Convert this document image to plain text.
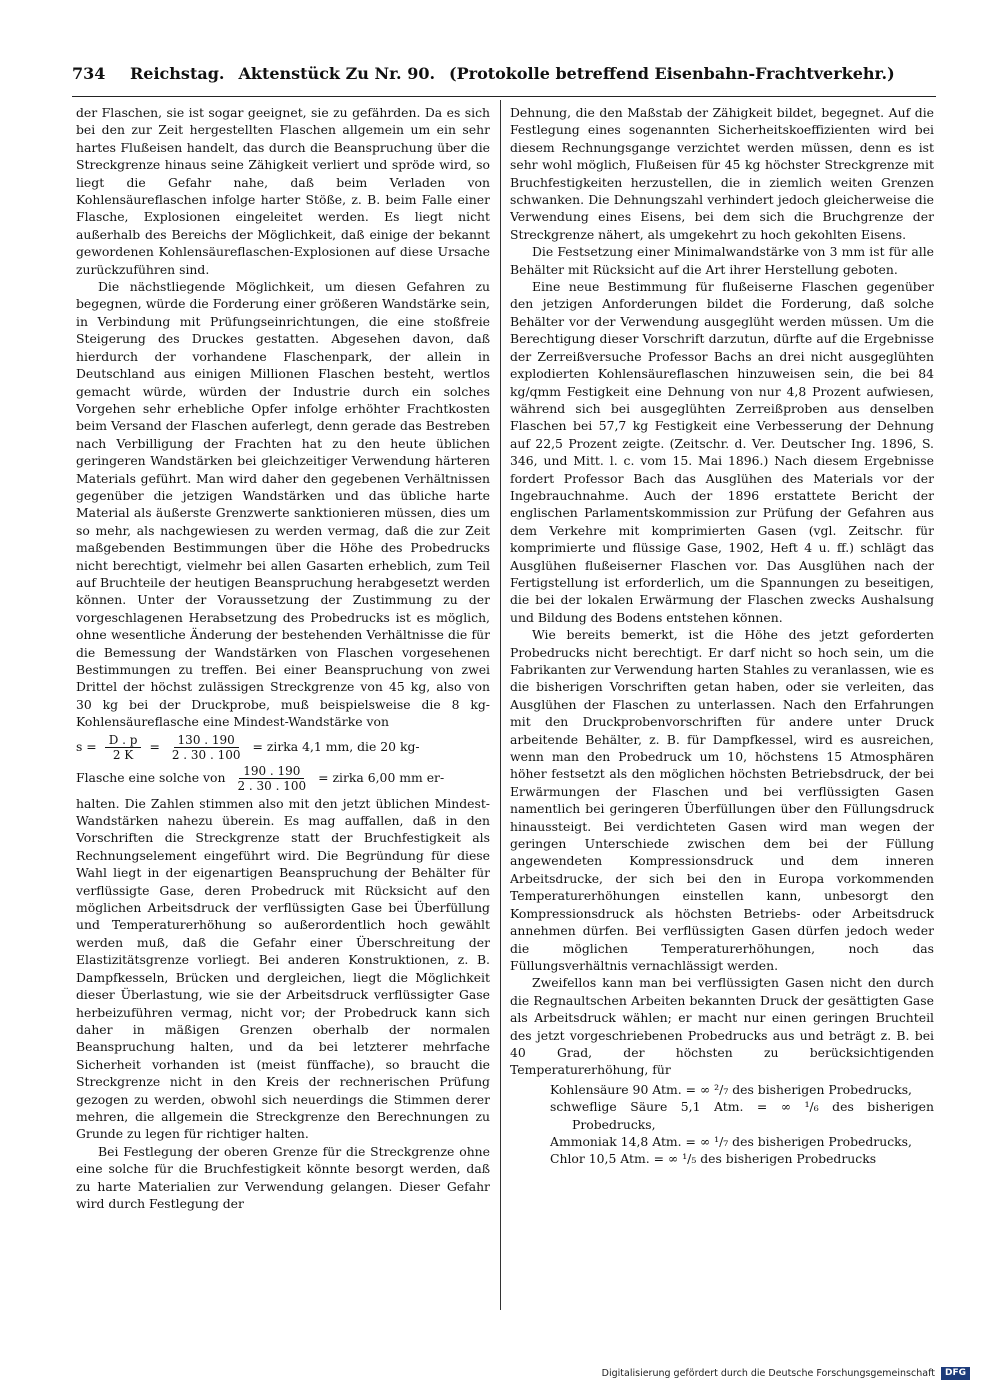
734	Reichstag. Aktenstück Zu Nr. 90. (Protokolle betreffend Eisenbahn-Frachtverkehr.)

der Flaschen, sie ist sogar geeignet, sie zu gefährden. Da es sich bei den zur Zeit hergestellten Flaschen allgemein um ein sehr hartes Flußeisen handelt, das durch die Beanspruchung über die Streckgrenze hinaus seine Zähigkeit verliert und spröde wird, so liegt die Gefahr nahe, daß beim Verladen von Kohlensäureflaschen infolge harter Stöße, z. B. beim Falle einer Flasche, Explosionen eingeleitet werden. Es liegt nicht außerhalb des Bereichs der Möglichkeit, daß einige der bekannt gewordenen Kohlensäureflaschen-Explosionen auf diese Ursache zurückzuführen sind.

Die nächstliegende Möglichkeit, um diesen Gefahren zu begegnen, würde die Forderung einer größeren Wandstärke sein, in Verbindung mit Prüfungseinrichtungen, die eine stoßfreie Steigerung des Druckes gestatten. Abgesehen davon, daß hierdurch der vorhandene Flaschenpark, der allein in Deutschland aus einigen Millionen Flaschen besteht, wertlos gemacht würde, würden der Industrie durch ein solches Vorgehen sehr erhebliche Opfer infolge erhöhter Frachtkosten beim Versand der Flaschen auferlegt, denn gerade das Bestreben nach Verbilligung der Frachten hat zu den heute üblichen geringeren Wandstärken bei gleichzeitiger Verwendung härteren Materials geführt. Man wird daher den gegebenen Verhältnissen gegenüber die jetzigen Wandstärken und das übliche harte Material als äußerste Grenzwerte sanktionieren müssen, dies um so mehr, als nachgewiesen zu werden vermag, daß die zur Zeit maßgebenden Bestimmungen über die Höhe des Probedrucks nicht berechtigt, vielmehr bei allen Gasarten erheblich, zum Teil auf Bruchteile der heutigen Beanspruchung herabgesetzt werden können. Unter der Voraussetzung der Zustimmung zu der vorgeschlagenen Herabsetzung des Probedrucks ist es möglich, ohne wesentliche Änderung der bestehenden Verhältnisse die für die Bemessung der Wandstärken von Flaschen vorgesehenen Bestimmungen zu treffen. Bei einer Beanspruchung von zwei Drittel der höchst zulässigen Streckgrenze von 45 kg, also von 30 kg bei der Druckprobe, muß beispielsweise die 8 kg-Kohlensäureflasche eine Mindest-Wandstärke von

$s = \frac{D . p}{2 K} = \frac{130 . 190}{2 . 30 . 100}$ = zirka 4,1 mm, die 20 kg-
Flasche eine solche von $\frac{190 . 190}{2 . 30 . 100}$ = zirka 6,00 mm er-

halten. Die Zahlen stimmen also mit den jetzt üblichen Mindest-Wandstärken nahezu überein. Es mag auffallen, daß in den Vorschriften die Streckgrenze statt der Bruchfestigkeit als Rechnungselement eingeführt wird. Die Begründung für diese Wahl liegt in der eigenartigen Beanspruchung der Behälter für verflüssigte Gase, deren Probedruck mit Rücksicht auf den möglichen Arbeitsdruck der verflüssigten Gase bei Überfüllung und Temperaturerhöhung so außerordentlich hoch gewählt werden muß, daß die Gefahr einer Überschreitung der Elastizitätsgrenze vorliegt. Bei anderen Konstruktionen, z. B. Dampfkesseln, Brücken und dergleichen, liegt die Möglichkeit dieser Überlastung, wie sie der Arbeitsdruck verflüssigter Gase herbeizuführen vermag, nicht vor; der Probedruck kann sich daher in mäßigen Grenzen oberhalb der normalen Beanspruchung halten, und da bei letzterer mehrfache Sicherheit vorhanden ist (meist fünffache), so braucht die Streckgrenze nicht in den Kreis der rechnerischen Prüfung gezogen zu werden, obwohl sich neuerdings die Stimmen derer mehren, die allgemein die Streckgrenze den Berechnungen zu Grunde zu legen für richtiger halten.

Bei Festlegung der oberen Grenze für die Streckgrenze ohne eine solche für die Bruchfestigkeit könnte besorgt werden, daß zu harte Materialien zur Verwendung gelangen. Dieser Gefahr wird durch Festlegung der

Dehnung, die den Maßstab der Zähigkeit bildet, begegnet. Auf die Festlegung eines sogenannten Sicherheitskoeffizienten wird bei diesem Rechnungsgange verzichtet werden müssen, denn es ist sehr wohl möglich, Flußeisen für 45 kg höchster Streckgrenze mit Bruchfestigkeiten herzustellen, die in ziemlich weiten Grenzen schwanken. Die Dehnungszahl verhindert jedoch gleicherweise die Verwendung eines Eisens, bei dem sich die Bruchgrenze der Streckgrenze nähert, als umgekehrt zu hoch gekohlten Eisens.

Die Festsetzung einer Minimalwandstärke von 3 mm ist für alle Behälter mit Rücksicht auf die Art ihrer Herstellung geboten.

Eine neue Bestimmung für flußeiserne Flaschen gegenüber den jetzigen Anforderungen bildet die Forderung, daß solche Behälter vor der Verwendung ausgeglüht werden müssen. Um die Berechtigung dieser Vorschrift darzutun, dürfte auf die Ergebnisse der Zerreißversuche Professor Bachs an drei nicht ausgeglühten explodierten Kohlensäureflaschen hinzuweisen sein, die bei 84 kg/qmm Festigkeit eine Dehnung von nur 4,8 Prozent aufwiesen, während sich bei ausgeglühten Zerreißproben aus denselben Flaschen bei 57,7 kg Festigkeit eine Verbesserung der Dehnung auf 22,5 Prozent zeigte. (Zeitschr. d. Ver. Deutscher Ing. 1896, S. 346, und Mitt. l. c. vom 15. Mai 1896.) Nach diesem Ergebnisse fordert Professor Bach das Ausglühen des Materials vor der Ingebrauchnahme. Auch der 1896 erstattete Bericht der englischen Parlamentskommission zur Prüfung der Gefahren aus dem Verkehre mit komprimierten Gasen (vgl. Zeitschr. für komprimierte und flüssige Gase, 1902, Heft 4 u. ff.) schlägt das Ausglühen flußeiserner Flaschen vor. Das Ausglühen nach der Fertigstellung ist erforderlich, um die Spannungen zu beseitigen, die bei der lokalen Erwärmung der Flaschen zwecks Aushalsung und Bildung des Bodens entstehen können.

Wie bereits bemerkt, ist die Höhe des jetzt geforderten Probedrucks nicht berechtigt. Er darf nicht so hoch sein, um die Fabrikanten zur Verwendung harten Stahles zu veranlassen, wie es die bisherigen Vorschriften getan haben, oder sie verleiten, das Ausglühen der Flaschen zu unterlassen. Nach den Erfahrungen mit den Druckprobenvorschriften für andere unter Druck arbeitende Behälter, z. B. für Dampfkessel, wird es ausreichen, wenn man den Probedruck um 10, höchstens 15 Atmosphären höher festsetzt als den möglichen höchsten Betriebsdruck, der bei Erwärmungen der Flaschen und bei verflüssigten Gasen namentlich bei geringeren Überfüllungen über den Füllungsdruck hinaussteigt. Bei verdichteten Gasen wird man wegen der geringen Unterschiede zwischen dem bei der Füllung angewendeten Kompressionsdruck und dem inneren Arbeitsdrucke, der sich bei den in Europa vorkommenden Temperaturerhöhungen einstellen kann, unbesorgt den Kompressionsdruck als höchsten Betriebs- oder Arbeitsdruck annehmen dürfen. Bei verflüssigten Gasen dürfen jedoch weder die möglichen Temperaturerhöhungen, noch das Füllungsverhältnis vernachlässigt werden.

Zweifellos kann man bei verflüssigten Gasen nicht den durch die Regnaultschen Arbeiten bekannten Druck der gesättigten Gase als Arbeitsdruck wählen; er macht nur einen geringen Bruchteil des jetzt vorgeschriebenen Probedrucks aus und beträgt z. B. bei 40 Grad, der höchsten zu berücksichtigenden Temperaturerhöhung, für

Kohlensäure 90 Atm. = ∞ ²/₇ des bisherigen Probedrucks,

schweflige Säure 5,1 Atm. = ∞ ¹/₆ des bisherigen Probedrucks,

Ammoniak 14,8 Atm. = ∞ ¹/₇ des bisherigen Probedrucks,

Chlor 10,5 Atm. = ∞ ¹/₅ des bisherigen Probedrucks

Digitalisierung gefördert durch die Deutsche Forschungsgemeinschaft	DFG
